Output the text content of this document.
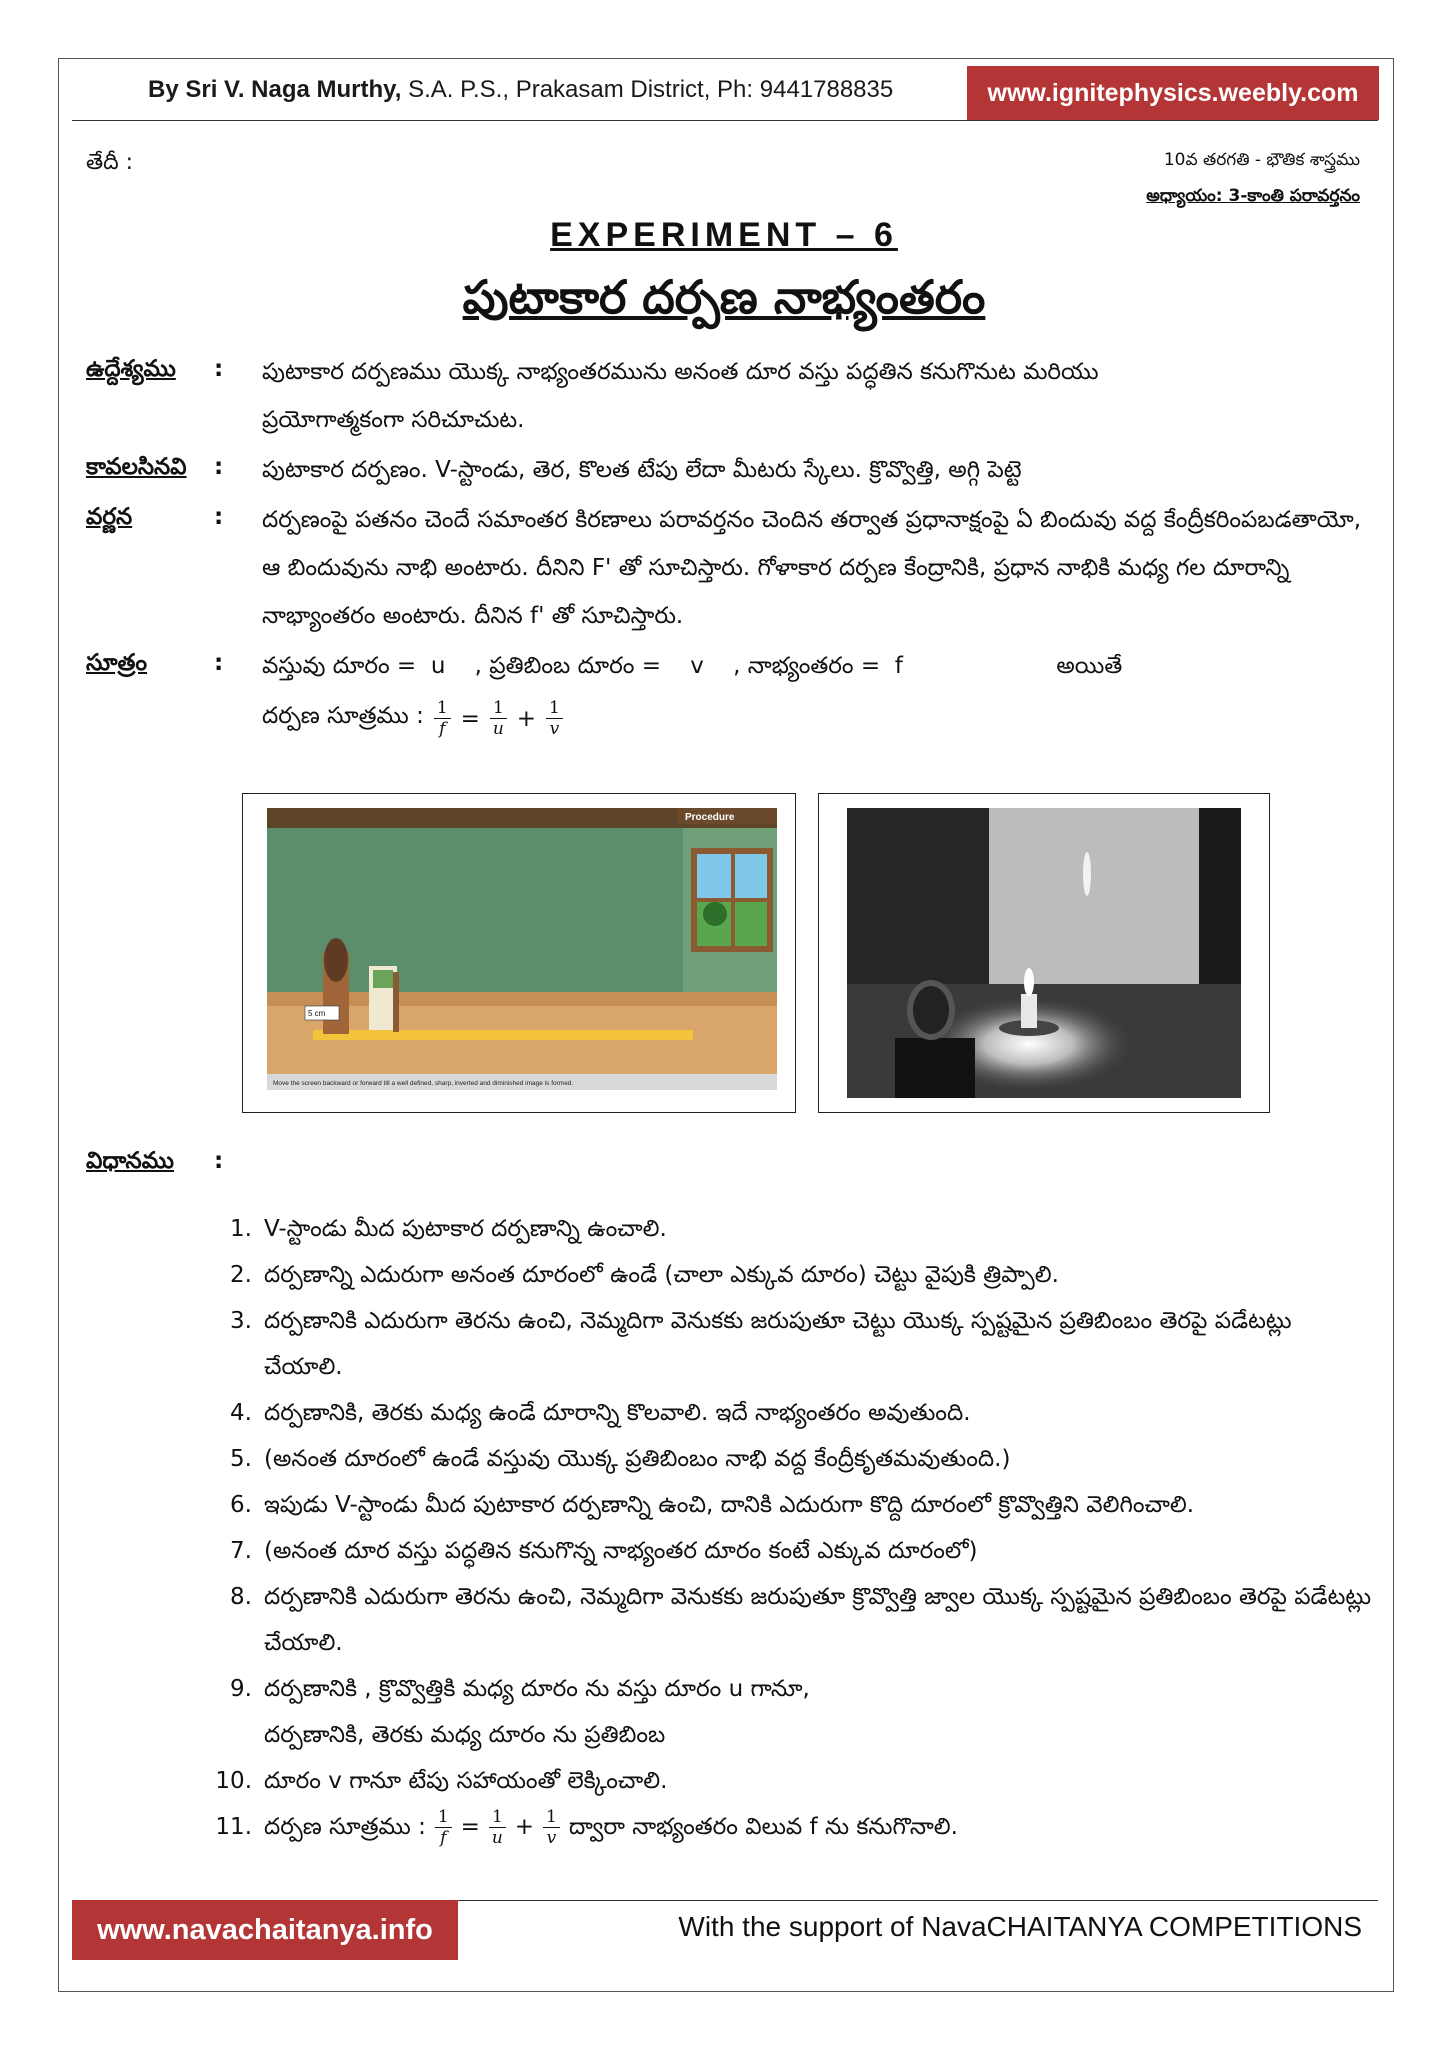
By Sri V. Naga Murthy, S.A. P.S., Prakasam District, Ph: 9441788835	www.ignitephysics.weebly.com
తేదీ :	10వ తరగతి - భౌతిక శాస్త్రము
అధ్యాయం: 3-కాంతి పరావర్తనం
EXPERIMENT – 6
పుటాకార దర్పణ నాభ్యంతరం
ఉద్దేశ్యము : పుటాకార దర్పణము యొక్క నాభ్యంతరమును అనంత దూర వస్తు పద్ధతిన కనుగొనుట మరియు ప్రయోగాత్మకంగా సరిచూచుట.
కావలసినవి : పుటాకార దర్పణం. V-స్టాండు, తెర, కొలత టేపు లేదా మీటరు స్కేలు. క్రొవ్వొత్తి, అగ్గి పెట్టె
వర్ణన	: దర్పణంపై పతనం చెందే సమాంతర కిరణాలు పరావర్తనం చెందిన తర్వాత ప్రధానాక్షంపై ఏ బిందువు వద్ద కేంద్రీకరింపబడతాయో, ఆ బిందువును నాభి అంటారు. దీనిని F' తో సూచిస్తారు. గోళాకార దర్పణ కేంద్రానికి, ప్రధాన నాభికి మధ్య గల దూరాన్ని నాభ్యాంతరం అంటారు. దీనిన f' తో సూచిస్తారు.
సూత్రం	: వస్తువు దూరం =  u    , ప్రతిబింబ దూరం =    v    , నాభ్యంతరం =  f                     అయితే
దర్పణ సూత్రము : $\frac{1}{f} = \frac{1}{u} + \frac{1}{v}$
5 cm
Procedure
Move the screen backward or forward till a well defined, sharp, inverted and diminished image is formed.
విధానము :
1. V-స్టాండు మీద పుటాకార దర్పణాన్ని ఉంచాలి.
2. దర్పణాన్ని ఎదురుగా అనంత దూరంలో ఉండే (చాలా ఎక్కువ దూరం) చెట్టు వైపుకి త్రిప్పాలి.
3. దర్పణానికి ఎదురుగా తెరను ఉంచి, నెమ్మదిగా వెనుకకు జరుపుతూ చెట్టు యొక్క స్పష్టమైన ప్రతిబింబం తెరపై పడేటట్లు చేయాలి.
4. దర్పణానికి, తెరకు మధ్య ఉండే దూరాన్ని కొలవాలి. ఇదే నాభ్యంతరం అవుతుంది.
5. (అనంత దూరంలో ఉండే వస్తువు యొక్క ప్రతిబింబం నాభి వద్ద కేంద్రీకృతమవుతుంది.)
6. ఇపుడు V-స్టాండు మీద పుటాకార దర్పణాన్ని ఉంచి, దానికి ఎదురుగా కొద్ది దూరంలో క్రొవ్వొత్తిని వెలిగించాలి.
7. (అనంత దూర వస్తు పద్ధతిన కనుగొన్న నాభ్యంతర దూరం కంటే ఎక్కువ దూరంలో)
8. దర్పణానికి ఎదురుగా తెరను ఉంచి, నెమ్మదిగా వెనుకకు జరుపుతూ క్రొవ్వొత్తి జ్వాల యొక్క స్పష్టమైన ప్రతిబింబం తెరపై పడేటట్లు చేయాలి.
9. దర్పణానికి , క్రొవ్వొత్తికి మధ్య దూరం ను వస్తు దూరం u గానూ, దర్పణానికి, తెరకు మధ్య దూరం ను ప్రతిబింబ
10. దూరం v గానూ టేపు సహాయంతో లెక్కించాలి.
11. దర్పణ సూత్రము : $\frac{1}{f} = \frac{1}{u} + \frac{1}{v}$ ద్వారా నాభ్యంతరం విలువ f ను కనుగొనాలి.
www.navachaitanya.info	With the support of NavaCHAITANYA COMPETITIONS
